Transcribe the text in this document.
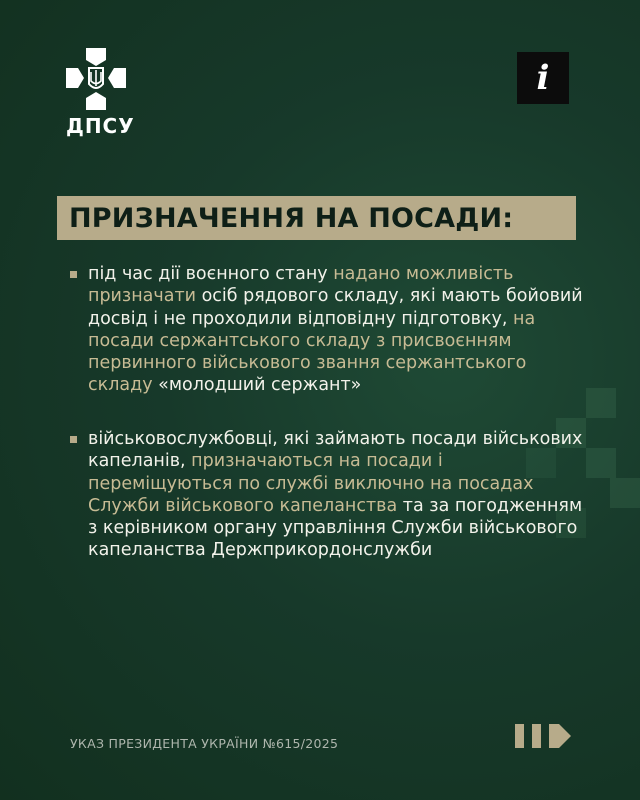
ДПСУ
i
ПРИЗНАЧЕННЯ НА ПОСАДИ:
під час дії воєнного стану надано можливість призначати осіб рядового складу, які мають бойовий досвід і не проходили відповідну підготовку, на посади сержантського складу з присвоєнням первинного військового звання сержантського складу «молодший сержант»
військовослужбовці, які займають посади військових капеланів, призначаються на посади і переміщуються по службі виключно на посадах Служби військового капеланства та за погодженням з керівником органу управління Служби військового капеланства Держприкордонслужби
УКАЗ ПРЕЗИДЕНТА УКРАЇНИ №615/2025
